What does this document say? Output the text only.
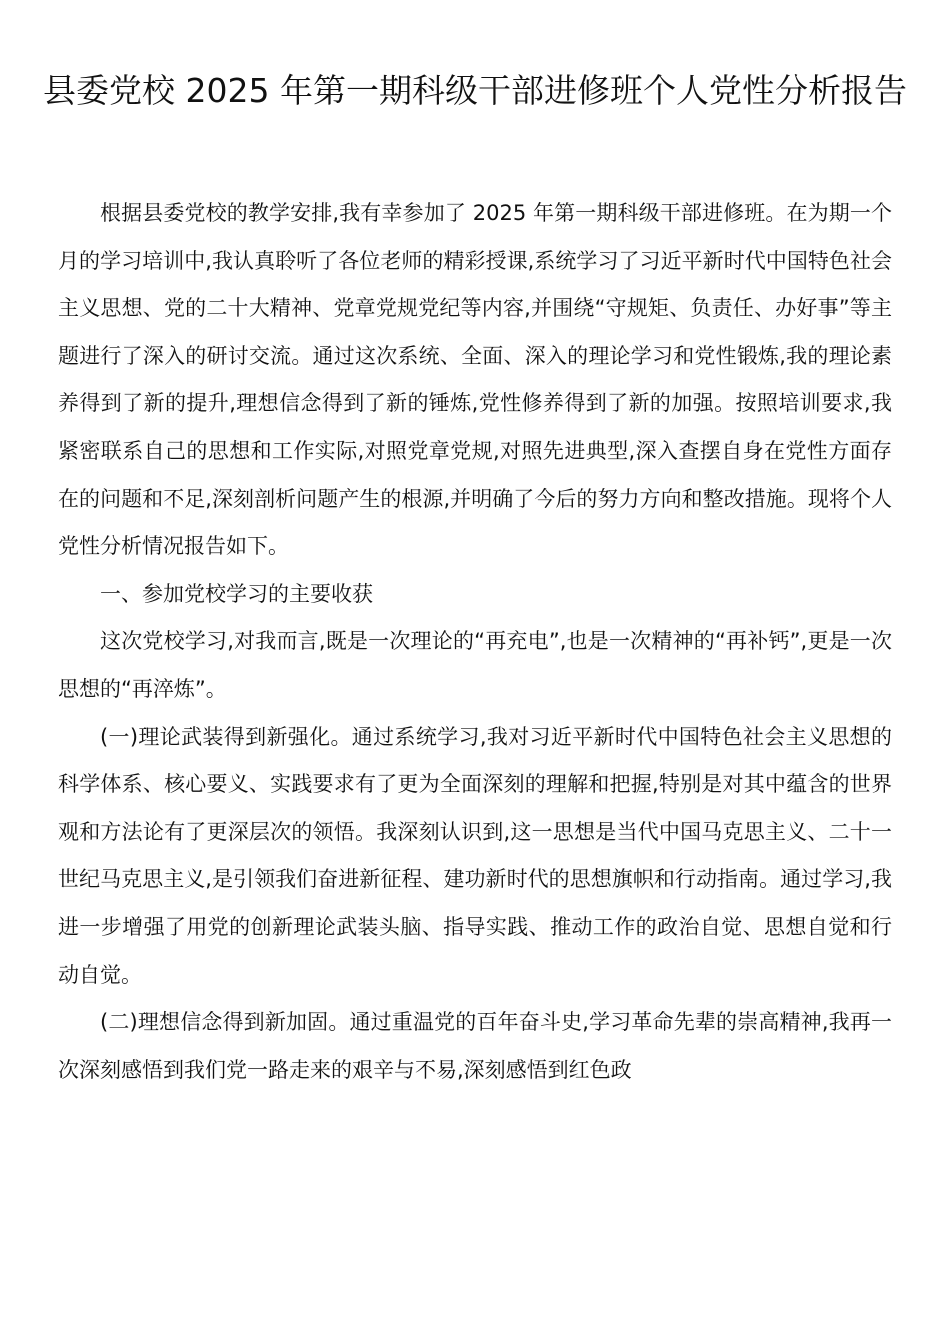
县委党校 2025 年第一期科级干部进修班个人党性分析报告

根据县委党校的教学安排,我有幸参加了 2025 年第一期科级干部进修班。在为期一个月的学习培训中,我认真聆听了各位老师的精彩授课,系统学习了习近平新时代中国特色社会主义思想、党的二十大精神、党章党规党纪等内容,并围绕“守规矩、负责任、办好事”等主题进行了深入的研讨交流。通过这次系统、全面、深入的理论学习和党性锻炼,我的理论素养得到了新的提升,理想信念得到了新的锤炼,党性修养得到了新的加强。按照培训要求,我紧密联系自己的思想和工作实际,对照党章党规,对照先进典型,深入查摆自身在党性方面存在的问题和不足,深刻剖析问题产生的根源,并明确了今后的努力方向和整改措施。现将个人党性分析情况报告如下。

一、参加党校学习的主要收获

这次党校学习,对我而言,既是一次理论的“再充电”,也是一次精神的“再补钙”,更是一次思想的“再淬炼”。

(一)理论武装得到新强化。通过系统学习,我对习近平新时代中国特色社会主义思想的科学体系、核心要义、实践要求有了更为全面深刻的理解和把握,特别是对其中蕴含的世界观和方法论有了更深层次的领悟。我深刻认识到,这一思想是当代中国马克思主义、二十一世纪马克思主义,是引领我们奋进新征程、建功新时代的思想旗帜和行动指南。通过学习,我进一步增强了用党的创新理论武装头脑、指导实践、推动工作的政治自觉、思想自觉和行动自觉。

(二)理想信念得到新加固。通过重温党的百年奋斗史,学习革命先辈的崇高精神,我再一次深刻感悟到我们党一路走来的艰辛与不易,深刻感悟到红色政
